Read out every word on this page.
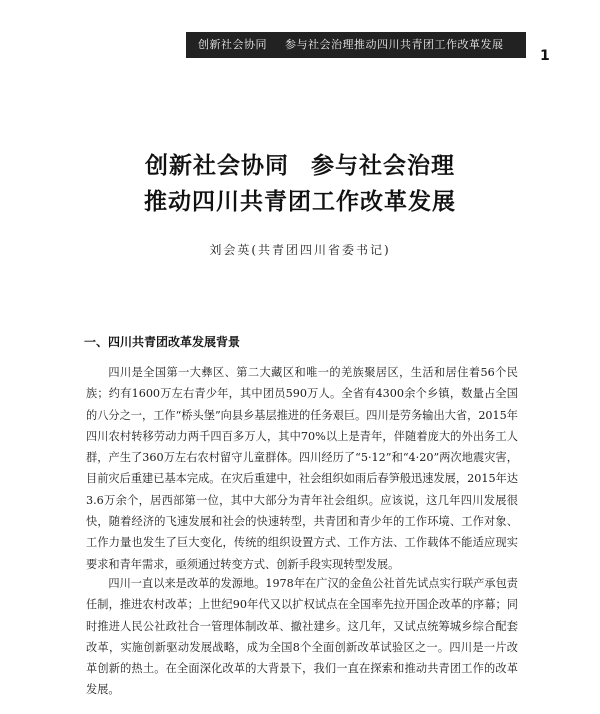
创新社会协同 参与社会治理推动四川共青团工作改革发展
1
创新社会协同 参与社会治理
推动四川共青团工作改革发展
刘会英(共青团四川省委书记)
一、四川共青团改革发展背景

四川是全国第一大彝区、第二大藏区和唯一的羌族聚居区，生活和居住着56个民族；约有1600万左右青少年，其中团员590万人。全省有4300余个乡镇，数量占全国的八分之一，工作“桥头堡”向县乡基层推进的任务艰巨。四川是劳务输出大省，2015年四川农村转移劳动力两千四百多万人，其中70%以上是青年，伴随着庞大的外出务工人群，产生了360万左右农村留守儿童群体。四川经历了“5·12”和“4·20”两次地震灾害，目前灾后重建已基本完成。在灾后重建中，社会组织如雨后春笋般迅速发展，2015年达3.6万余个，居西部第一位，其中大部分为青年社会组织。应该说，这几年四川发展很快，随着经济的飞速发展和社会的快速转型，共青团和青少年的工作环境、工作对象、工作力量也发生了巨大变化，传统的组织设置方式、工作方法、工作载体不能适应现实要求和青年需求，亟须通过转变方式、创新手段实现转型发展。

四川一直以来是改革的发源地。1978年在广汉的金鱼公社首先试点实行联产承包责任制，推进农村改革；上世纪90年代又以扩权试点在全国率先拉开国企改革的序幕；同时推进人民公社政社合一管理体制改革、撤社建乡。这几年，又试点统筹城乡综合配套改革，实施创新驱动发展战略，成为全国8个全面创新改革试验区之一。四川是一片改革创新的热土。在全面深化改革的大背景下，我们一直在探索和推动共青团工作的改革发展。
